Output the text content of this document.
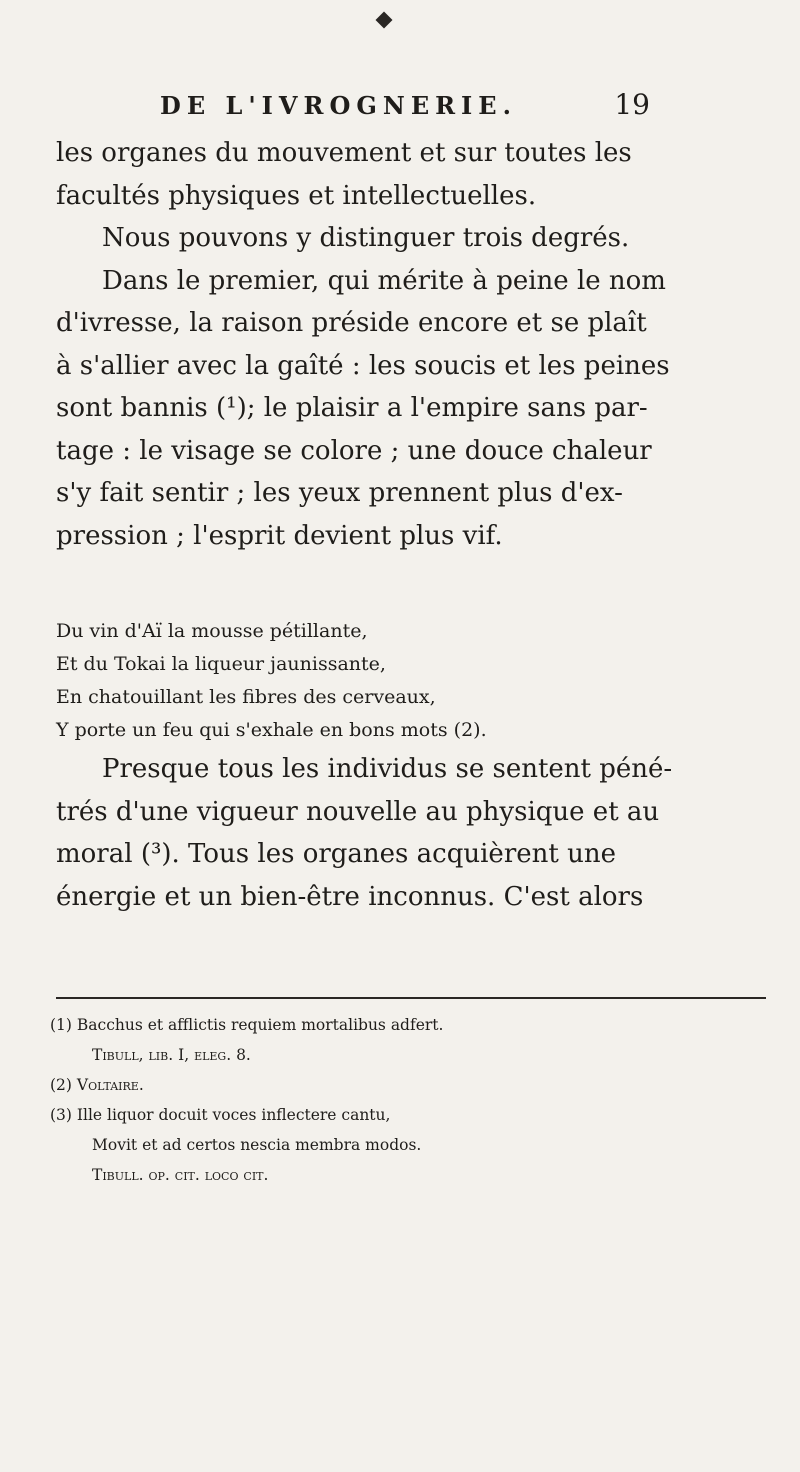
DE L'IVROGNERIE.	19
les organes du mouvement et sur toutes les
facultés physiques et intellectuelles.
Nous pouvons y distinguer trois degrés.
Dans le premier, qui mérite à peine le nom
d'ivresse, la raison préside encore et se plaît
à s'allier avec la gaîté : les soucis et les peines
sont bannis (¹); le plaisir a l'empire sans par-
tage : le visage se colore ; une douce chaleur
s'y fait sentir ; les yeux prennent plus d'ex-
pression ; l'esprit devient plus vif.
Du vin d'Aï la mousse pétillante,
Et du Tokai la liqueur jaunissante,
En chatouillant les fibres des cerveaux,
Y porte un feu qui s'exhale en bons mots (2).
Presque tous les individus se sentent péné-
trés d'une vigueur nouvelle au physique et au
moral (³). Tous les organes acquièrent une
énergie et un bien-être inconnus. C'est alors
(1) Bacchus et afflictis requiem mortalibus adfert.
Tibull, lib. I, eleg. 8.
(2) Voltaire.
(3) Ille liquor docuit voces inflectere cantu,
Movit et ad certos nescia membra modos.
Tibull. op. cit. loco cit.
